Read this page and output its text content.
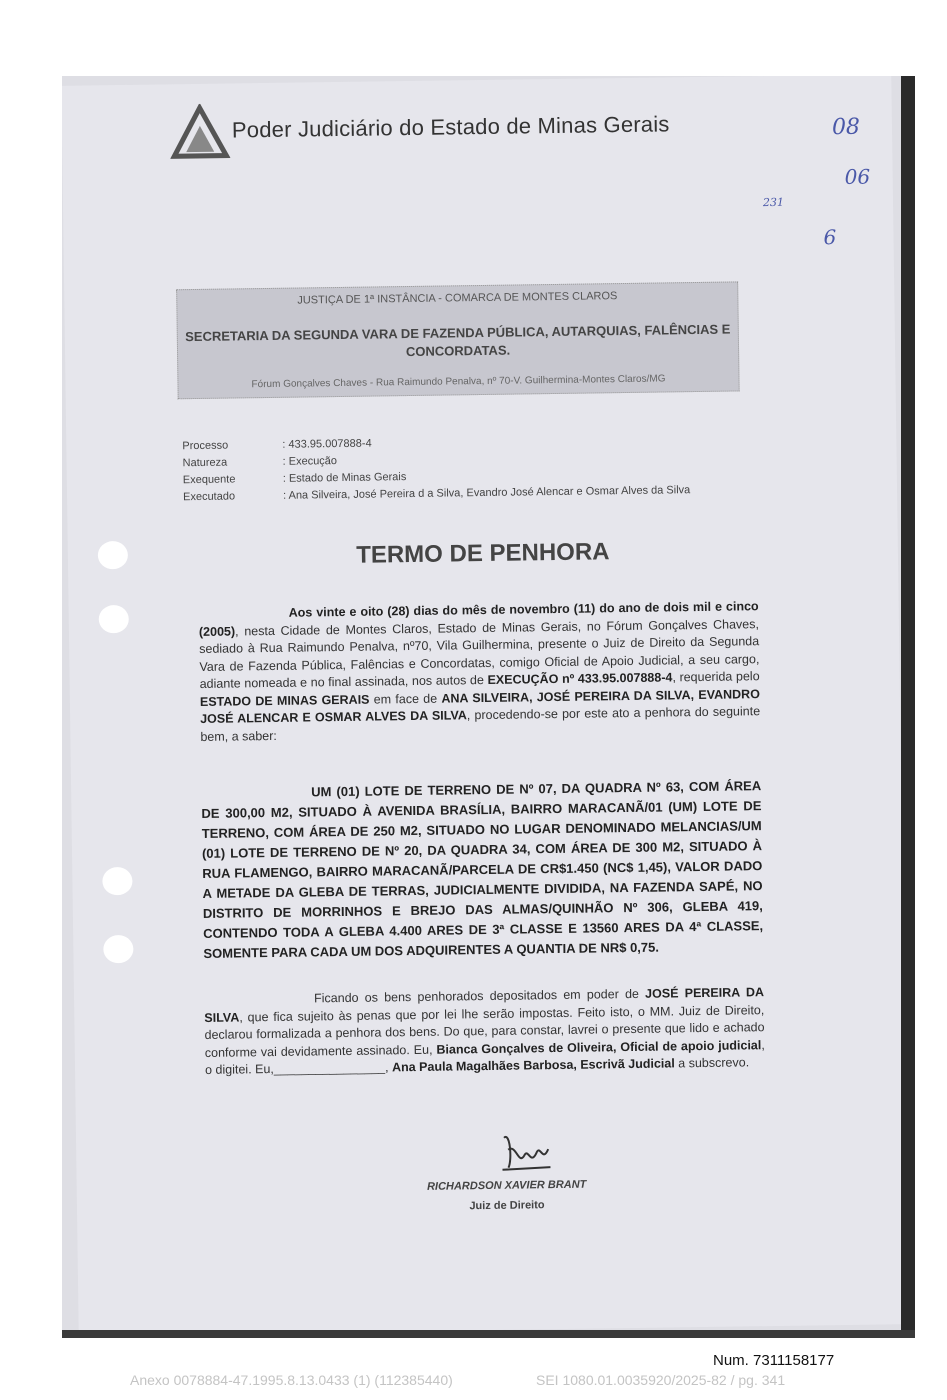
Poder Judiciário do Estado de Minas Gerais	08
06
231
6
JUSTIÇA DE 1ª INSTÂNCIA - COMARCA DE MONTES CLAROS
SECRETARIA DA SEGUNDA VARA DE FAZENDA PÚBLICA, AUTARQUIAS, FALÊNCIAS E CONCORDATAS.
Fórum Gonçalves Chaves - Rua Raimundo Penalva, nº 70-V. Guilhermina-Montes Claros/MG
Processo	: 433.95.007888-4
Natureza	: Execução
Exequente	: Estado de Minas Gerais
Executado	: Ana Silveira, José Pereira d a Silva, Evandro José Alencar e Osmar Alves da Silva
TERMO DE PENHORA
Aos vinte e oito (28) dias do mês de novembro (11) do ano de dois mil e cinco (2005), nesta Cidade de Montes Claros, Estado de Minas Gerais, no Fórum Gonçalves Chaves, sediado à Rua Raimundo Penalva, nº70, Vila Guilhermina, presente o Juiz de Direito da Segunda Vara de Fazenda Pública, Falências e Concordatas, comigo Oficial de Apoio Judicial, a seu cargo, adiante nomeada e no final assinada, nos autos de EXECUÇÃO nº 433.95.007888-4, requerida pelo ESTADO DE MINAS GERAIS em face de ANA SILVEIRA, JOSÉ PEREIRA DA SILVA, EVANDRO JOSÉ ALENCAR E OSMAR ALVES DA SILVA, procedendo-se por este ato a penhora do seguinte bem, a saber:
UM (01) LOTE DE TERRENO DE Nº 07, DA QUADRA Nº 63, COM ÁREA DE 300,00 M2, SITUADO À AVENIDA BRASÍLIA, BAIRRO MARACANÃ/01 (UM) LOTE DE TERRENO, COM ÁREA DE 250 M2, SITUADO NO LUGAR DENOMINADO MELANCIAS/UM (01) LOTE DE TERRENO DE Nº 20, DA QUADRA 34, COM ÁREA DE 300 M2, SITUADO À RUA FLAMENGO, BAIRRO MARACANÃ/PARCELA DE CR$1.450 (NC$ 1,45), VALOR DADO A METADE DA GLEBA DE TERRAS, JUDICIALMENTE DIVIDIDA, NA FAZENDA SAPÉ, NO DISTRITO DE MORRINHOS E BREJO DAS ALMAS/QUINHÃO Nº 306, GLEBA 419, CONTENDO TODA A GLEBA 4.400 ARES DE 3ª CLASSE E 13560 ARES DA 4ª CLASSE, SOMENTE PARA CADA UM DOS ADQUIRENTES A QUANTIA DE NR$ 0,75.
Ficando os bens penhorados depositados em poder de JOSÉ PEREIRA DA SILVA, que fica sujeito às penas que por lei lhe serão impostas. Feito isto, o MM. Juiz de Direito, declarou formalizada a penhora dos bens. Do que, para constar, lavrei o presente que lido e achado conforme vai devidamente assinado. Eu, Bianca Gonçalves de Oliveira, Oficial de apoio judicial, o digitei. Eu,________________, Ana Paula Magalhães Barbosa, Escrivã Judicial a subscrevo.
RICHARDSON XAVIER BRANT
Juiz de Direito
Num. 7311158177
Anexo 0078884-47.1995.8.13.0433 (1) (112385440)	SEI 1080.01.0035920/2025-82 / pg. 341
